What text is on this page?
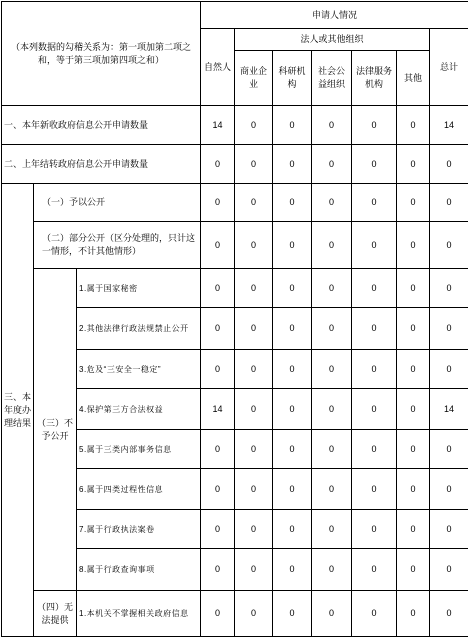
（本列数据的勾稽关系为：第一项加第二项之和，等于第三项加第四项之和）			申请人情况						
			自然人	法人或其他组织					总计
				商业企业	科研机构	社会公益组织	法律服务机构	其他	
一、本年新收政府信息公开申请数量			14	0	0	0	0	0	14
二、上年结转政府信息公开申请数量			0	0	0	0	0	0	0
三、本年度办理结果	（一）予以公开		0	0	0	0	0	0	0
	（二）部分公开（区分处理的，只计这一情形，不计其他情形）		0	0	0	0	0	0	0
	（三）不予公开	1.属于国家秘密	0	0	0	0	0	0	0
		2.其他法律行政法规禁止公开	0	0	0	0	0	0	0
		3.危及“三安全一稳定”	0	0	0	0	0	0	0
		4.保护第三方合法权益	14	0	0	0	0	0	14
		5.属于三类内部事务信息	0	0	0	0	0	0	0
		6.属于四类过程性信息	0	0	0	0	0	0	0
		7.属于行政执法案卷	0	0	0	0	0	0	0
		8.属于行政查询事项	0	0	0	0	0	0	0
	（四）无法提供	1.本机关不掌握相关政府信息	0	0	0	0	0	0	0
